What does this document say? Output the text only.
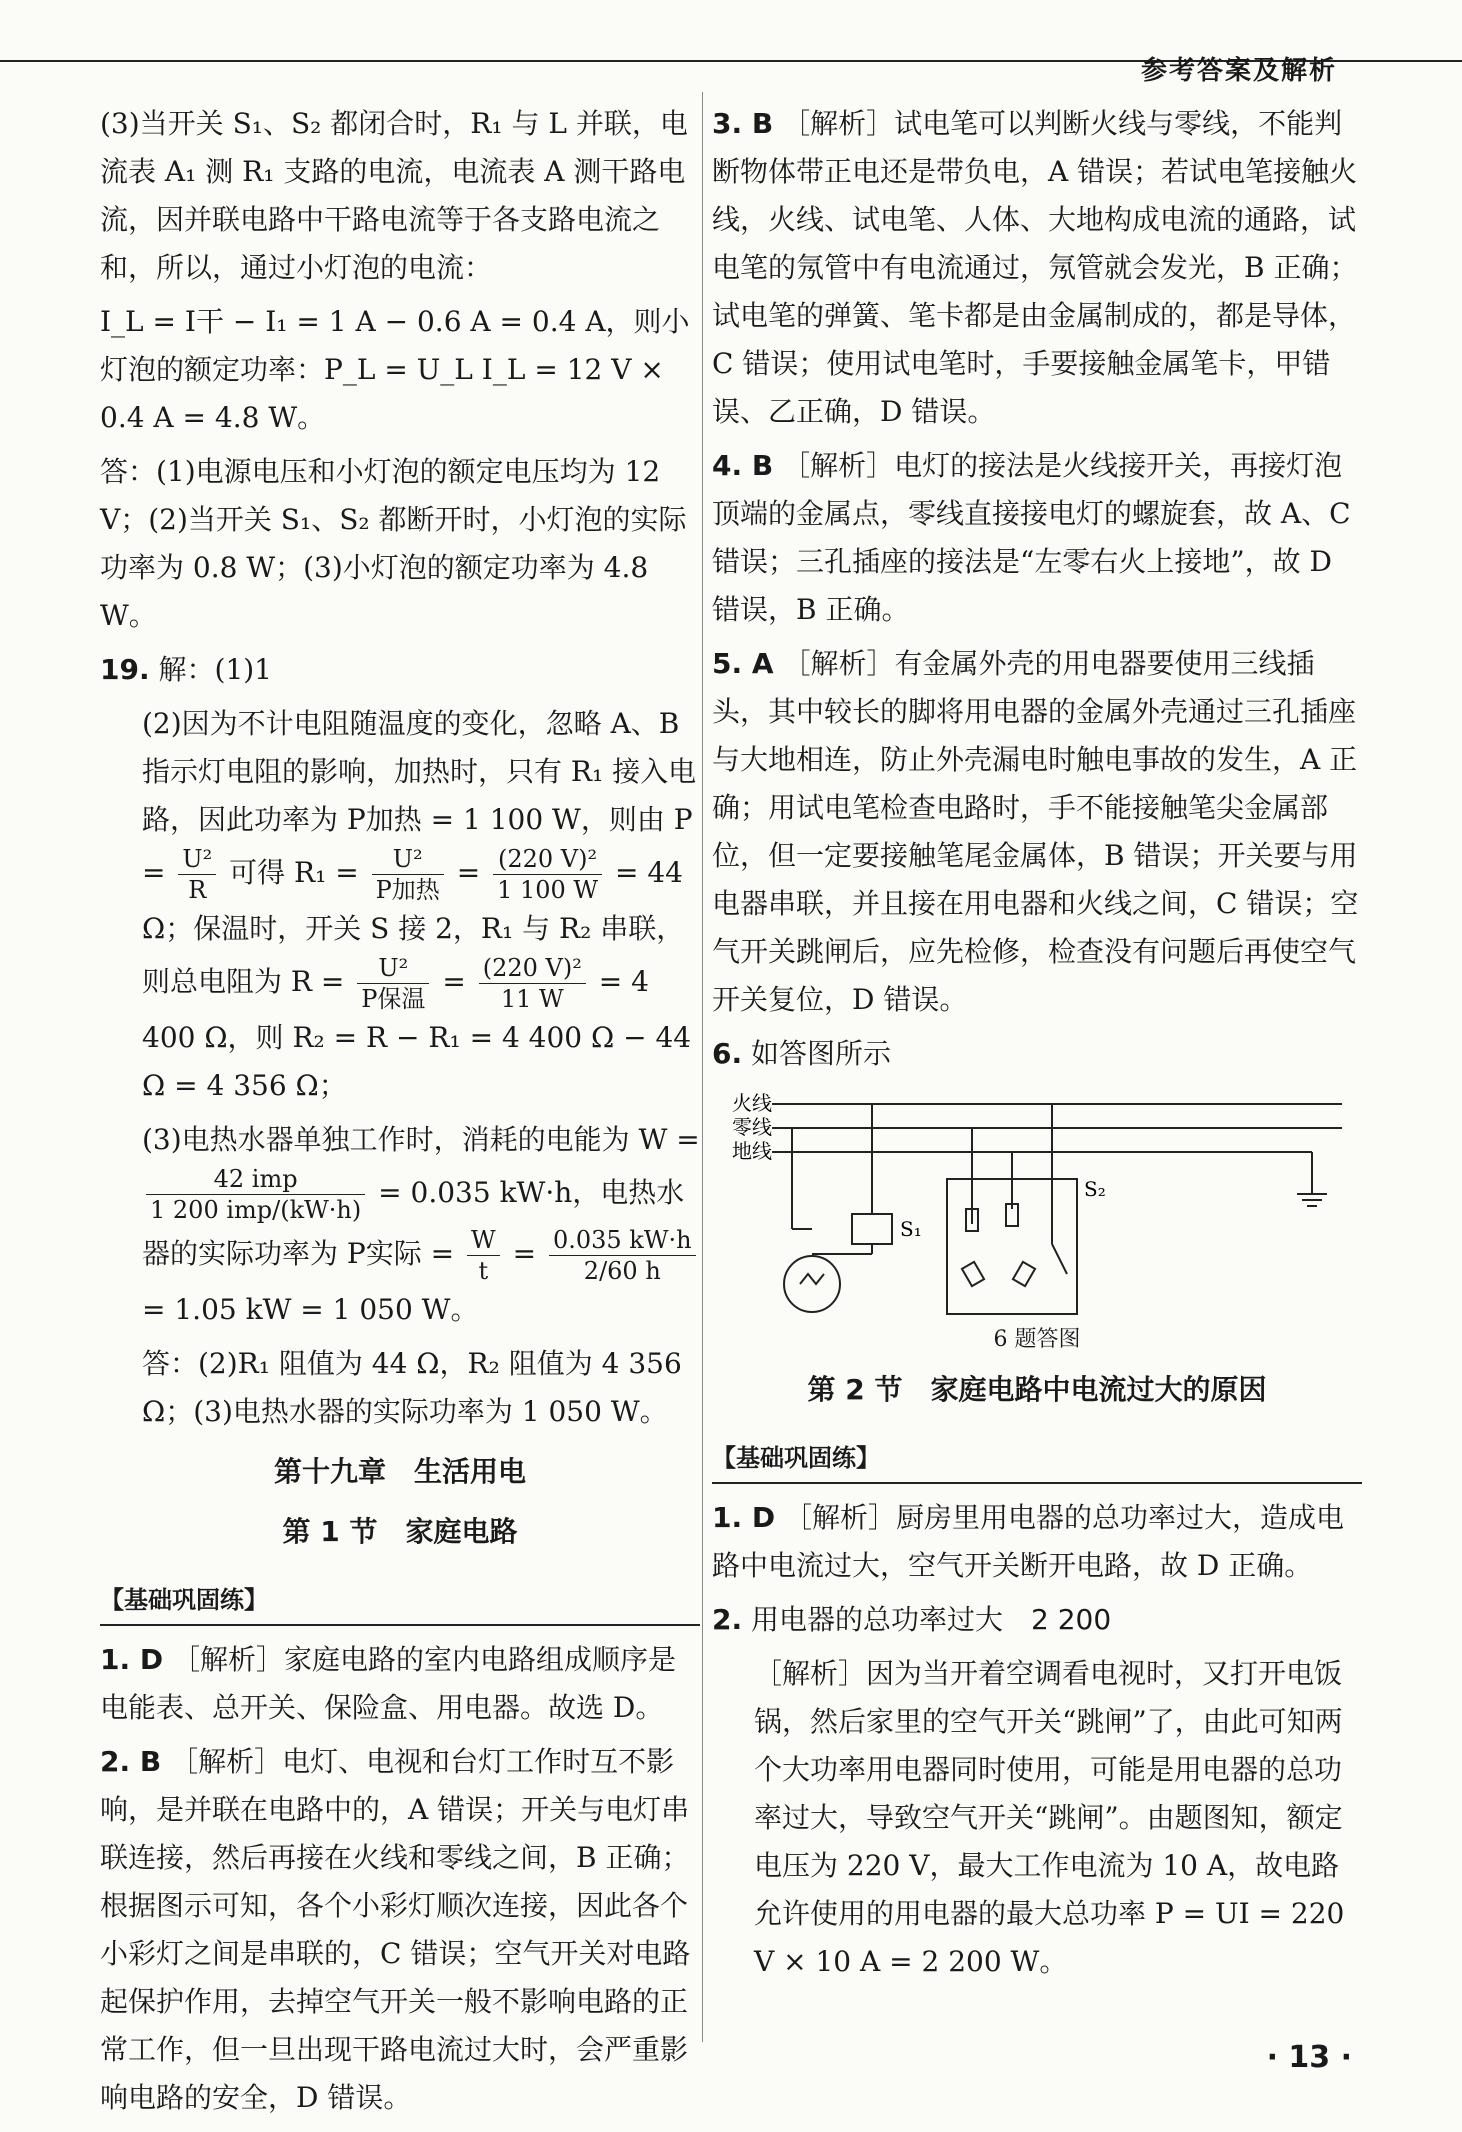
参考答案及解析

(3)当开关 S₁、S₂ 都闭合时，R₁ 与 L 并联，电流表 A₁ 测 R₁ 支路的电流，电流表 A 测干路电流，因并联电路中干路电流等于各支路电流之和，所以，通过小灯泡的电流：

I_L = I干 − I₁ = 1 A − 0.6 A = 0.4 A，则小灯泡的额定功率：P_L = U_L I_L = 12 V × 0.4 A = 4.8 W。

答：(1)电源电压和小灯泡的额定电压均为 12 V；(2)当开关 S₁、S₂ 都断开时，小灯泡的实际功率为 0.8 W；(3)小灯泡的额定功率为 4.8 W。

19. 解：(1)1

(2)因为不计电阻随温度的变化，忽略 A、B 指示灯电阻的影响，加热时，只有 R₁ 接入电路，因此功率为 P加热 = 1 100 W，则由 $P = \frac{\text{U²}}{R}$ 可得 $R_1 = \frac{\text{U²}}{\text{P加热}} = \frac{\text{(220 V)²}}{1 100 W} = 44$ Ω；保温时，开关 S 接 2，R₁ 与 R₂ 串联，则总电阻为 $R = \frac{\text{U²}}{\text{P保温}} = \frac{\text{(220 V)²}}{11 W} = 4$ 400 Ω，则 R₂ = R − R₁ = 4 400 Ω − 44 Ω = 4 356 Ω；

(3)电热水器单独工作时，消耗的电能为 W =
$\frac{\text{42 imp}}{\text{1 200 imp/(kW·h)}} = 0.035$ kW·h，电热水器的实际功率为 P实际 = $\frac{W}{t} = \frac{0.035 kW\cdot h}{2/60 h}$
= 1.05 kW = 1 050 W。

答：(2)R₁ 阻值为 44 Ω，R₂ 阻值为 4 356 Ω；(3)电热水器的实际功率为 1 050 W。

第十九章　生活用电
第 1 节　家庭电路
【基础巩固练】

1. D ［解析］家庭电路的室内电路组成顺序是电能表、总开关、保险盒、用电器。故选 D。

2. B ［解析］电灯、电视和台灯工作时互不影响，是并联在电路中的，A 错误；开关与电灯串联连接，然后再接在火线和零线之间，B 正确；根据图示可知，各个小彩灯顺次连接，因此各个小彩灯之间是串联的，C 错误；空气开关对电路起保护作用，去掉空气开关一般不影响电路的正常工作，但一旦出现干路电流过大时，会严重影响电路的安全，D 错误。

3. B ［解析］试电笔可以判断火线与零线，不能判断物体带正电还是带负电，A 错误；若试电笔接触火线，火线、试电笔、人体、大地构成电流的通路，试电笔的氖管中有电流通过，氖管就会发光，B 正确；试电笔的弹簧、笔卡都是由金属制成的，都是导体，C 错误；使用试电笔时，手要接触金属笔卡，甲错误、乙正确，D 错误。

4. B ［解析］电灯的接法是火线接开关，再接灯泡顶端的金属点，零线直接接电灯的螺旋套，故 A、C 错误；三孔插座的接法是“左零右火上接地”，故 D 错误，B 正确。

5. A ［解析］有金属外壳的用电器要使用三线插头，其中较长的脚将用电器的金属外壳通过三孔插座与大地相连，防止外壳漏电时触电事故的发生，A 正确；用试电笔检查电路时，手不能接触笔尖金属部位，但一定要接触笔尾金属体，B 错误；开关要与用电器串联，并且接在用电器和火线之间，C 错误；空气开关跳闸后，应先检修，检查没有问题后再使空气开关复位，D 错误。

6. 如答图所示

火线
零线
地线
S₁
S₂
6 题答图
第 2 节　家庭电路中电流过大的原因
【基础巩固练】

1. D ［解析］厨房里用电器的总功率过大，造成电路中电流过大，空气开关断开电路，故 D 正确。

2. 用电器的总功率过大　2 200

［解析］因为当开着空调看电视时，又打开电饭锅，然后家里的空气开关“跳闸”了，由此可知两个大功率用电器同时使用，可能是用电器的总功率过大，导致空气开关“跳闸”。由题图知，额定电压为 220 V，最大工作电流为 10 A，故电路允许使用的用电器的最大总功率 P = UI = 220 V × 10 A = 2 200 W。

· 13 ·
